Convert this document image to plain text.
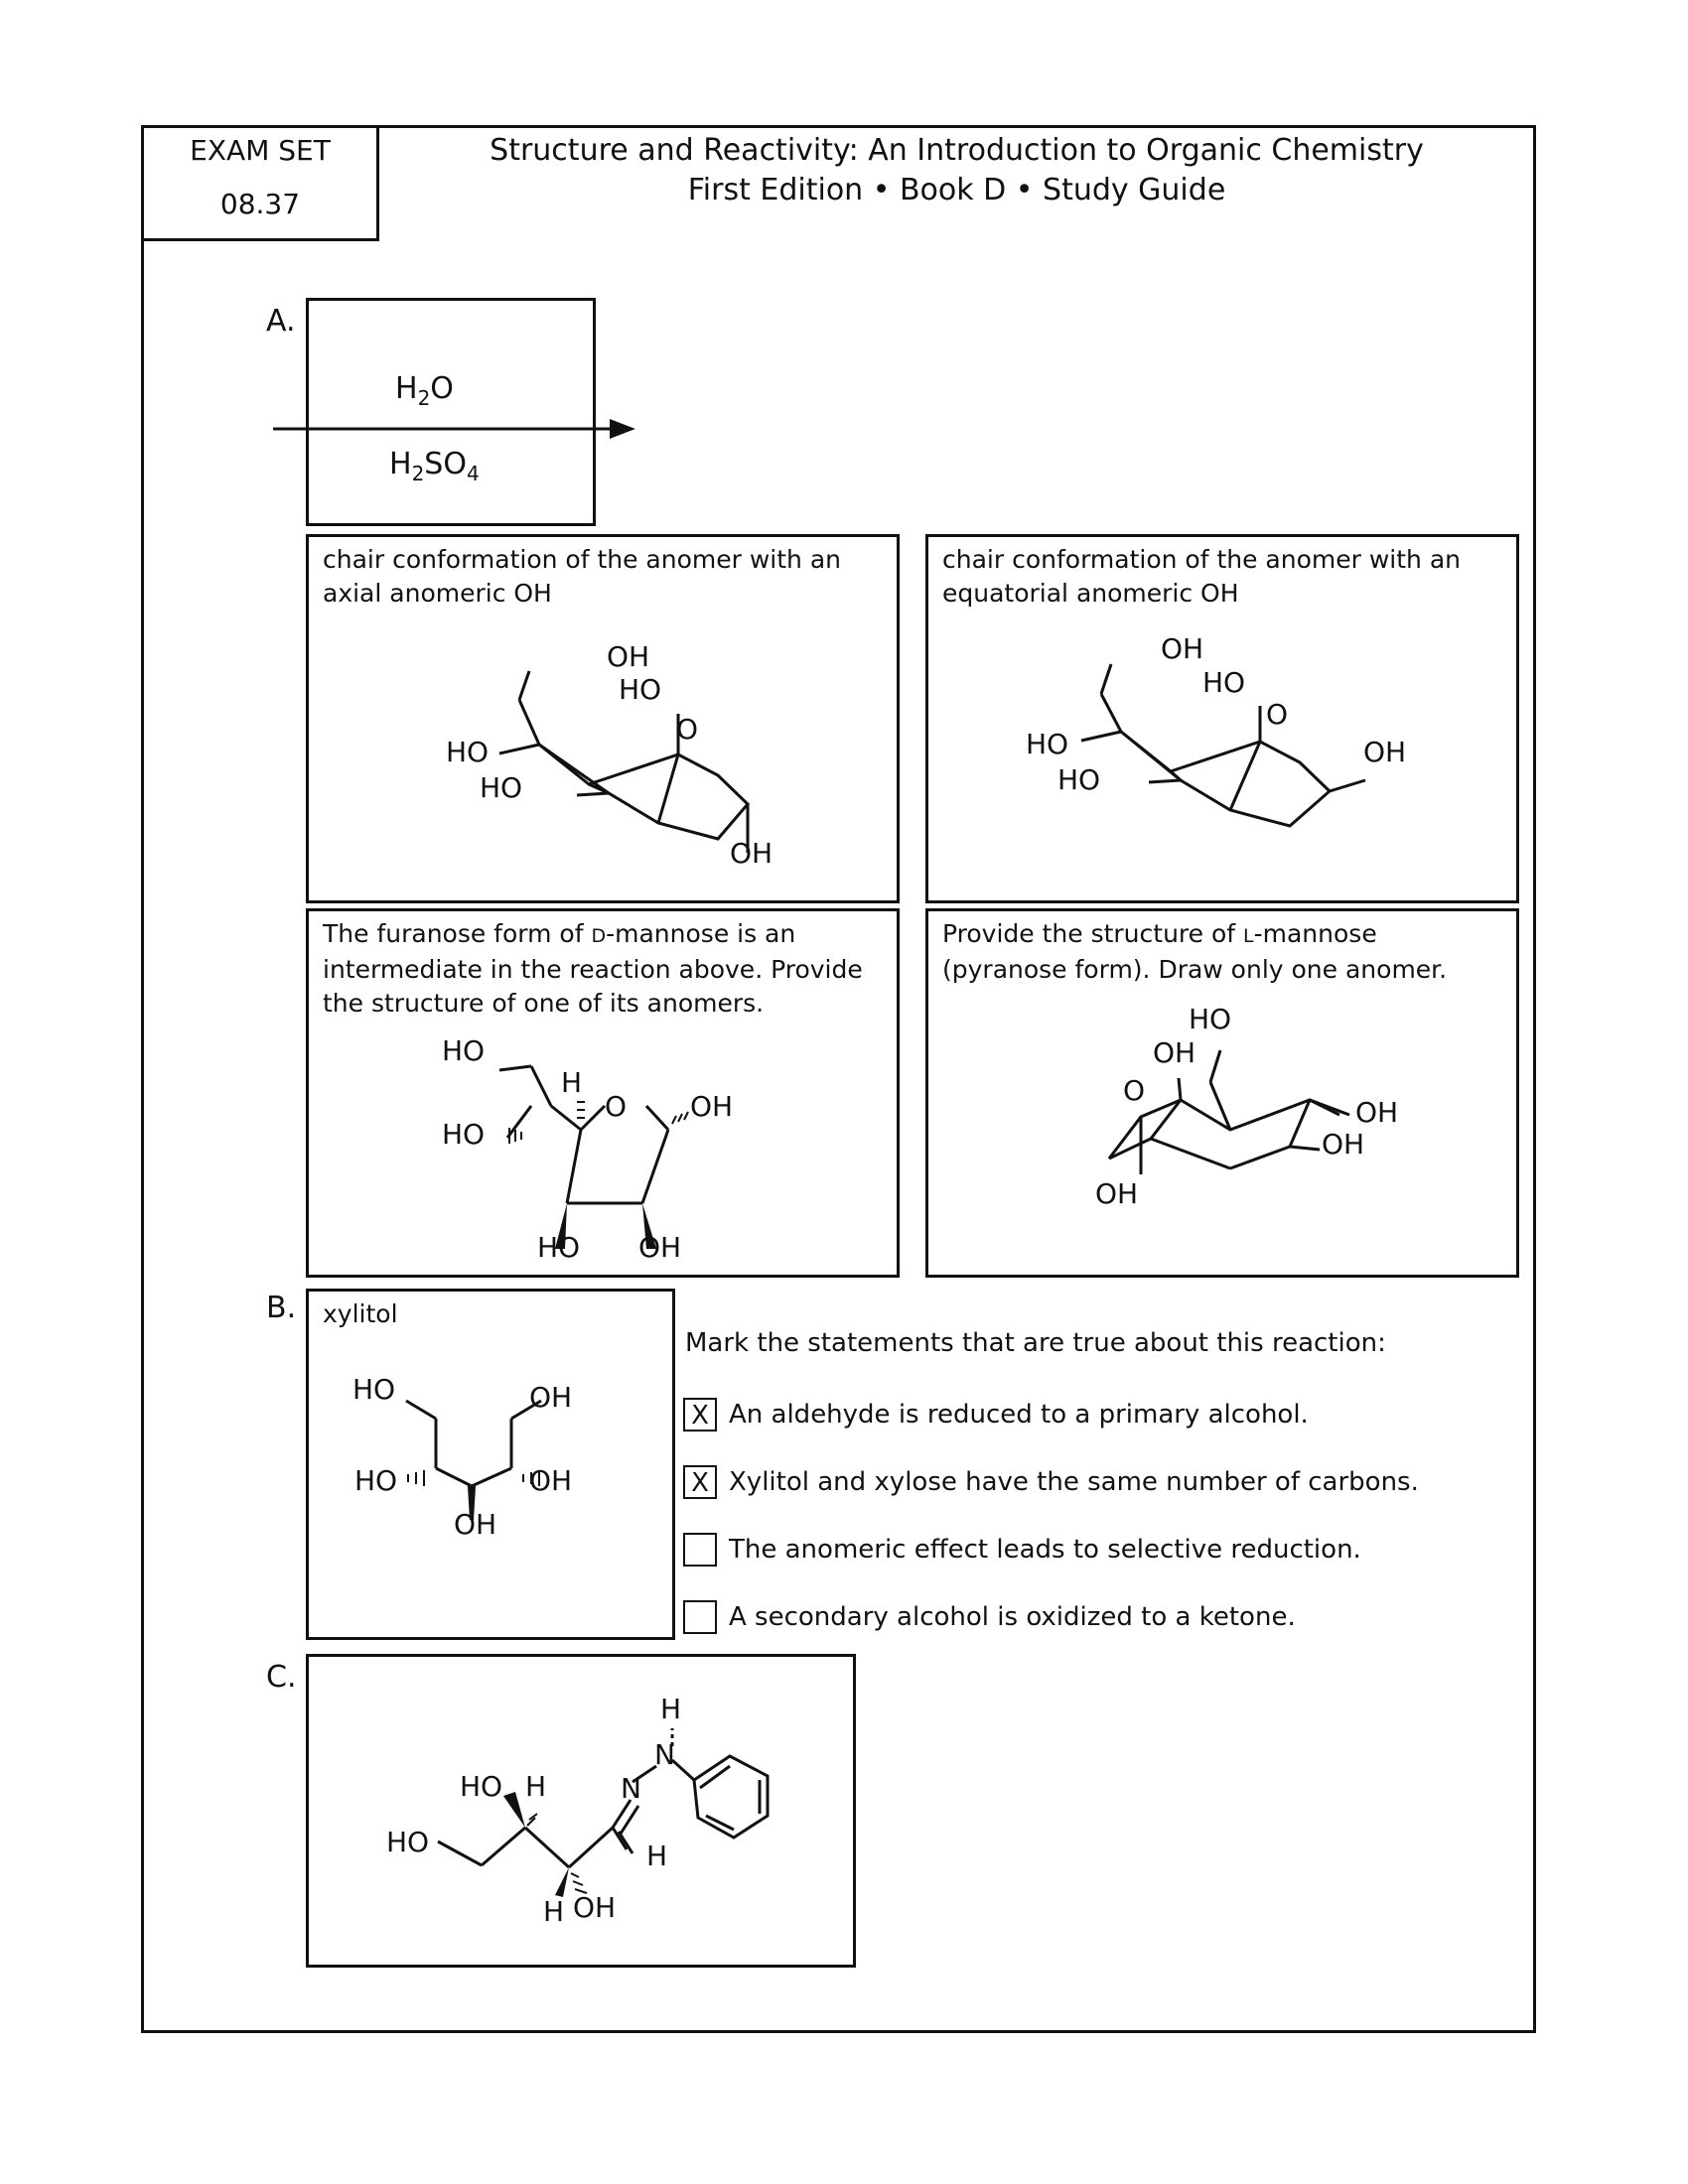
EXAM SET
08.37
Structure and Reactivity: An Introduction to Organic Chemistry
First Edition • Book D • Study Guide
A.
$H_2O$
$H_2SO_4$
chair conformation of the anomer with an axial anomeric OH
OH
HO
O
HO
HO
OH
chair conformation of the anomer with an equatorial anomeric OH
OH
HO
O
HO
HO
OH
The furanose form of D-mannose is an intermediate in the reaction above. Provide the structure of one of its anomers.
HO
H
O OH
HO
HO OH
Provide the structure of L-mannose (pyranose form). Draw only one anomer.
HO
OH
O
OH
OH
OH
B. xylitol
HO	OH
HO	OH
OH
Mark the statements that are true about this reaction:
X An aldehyde is reduced to a primary alcohol.
X Xylitol and xylose have the same number of carbons.
The anomeric effect leads to selective reduction.
A secondary alcohol is oxidized to a ketone.
C.
H
N
N
HO H
HO	H
H OH
